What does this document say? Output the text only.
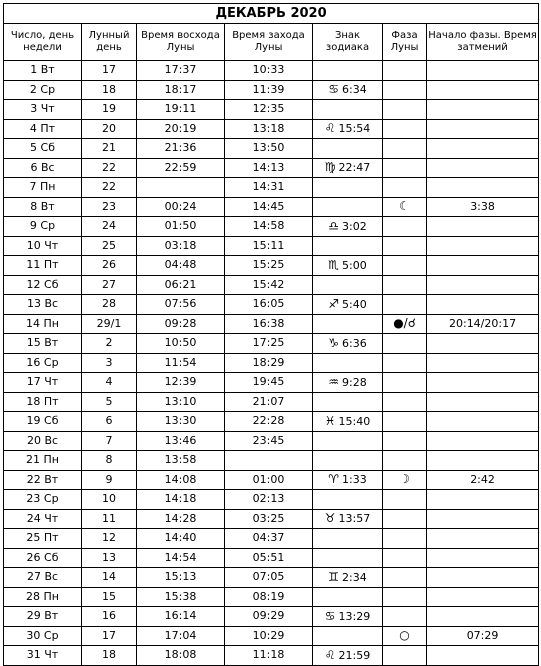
ДЕКАБРЬ 2020						
Число, день недели	Лунный день	Время восхода Луны	Время захода Луны	Знак зодиака	Фаза Луны	Начало фазы. Время затмений
1 Вт	17	17:37	10:33			
2 Ср	18	18:17	11:39	♋ 6:34		
3 Чт	19	19:11	12:35			
4 Пт	20	20:19	13:18	♌ 15:54		
5 Сб	21	21:36	13:50			
6 Вс	22	22:59	14:13	♍ 22:47		
7 Пн	22		14:31			
8 Вт	23	00:24	14:45		☾	3:38
9 Ср	24	01:50	14:58	♎ 3:02		
10 Чт	25	03:18	15:11			
11 Пт	26	04:48	15:25	♏ 5:00		
12 Сб	27	06:21	15:42			
13 Вс	28	07:56	16:05	♐ 5:40		
14 Пн	29/1	09:28	16:38		●/☌	20:14/20:17
15 Вт	2	10:50	17:25	♑ 6:36		
16 Ср	3	11:54	18:29			
17 Чт	4	12:39	19:45	♒ 9:28		
18 Пт	5	13:10	21:07			
19 Сб	6	13:30	22:28	♓ 15:40		
20 Вс	7	13:46	23:45			
21 Пн	8	13:58				
22 Вт	9	14:08	01:00	♈ 1:33	☽	2:42
23 Ср	10	14:18	02:13			
24 Чт	11	14:28	03:25	♉ 13:57		
25 Пт	12	14:40	04:37			
26 Сб	13	14:54	05:51			
27 Вс	14	15:13	07:05	♊ 2:34		
28 Пн	15	15:38	08:19			
29 Вт	16	16:14	09:29	♋ 13:29		
30 Ср	17	17:04	10:29		○	07:29
31 Чт	18	18:08	11:18	♌ 21:59		
